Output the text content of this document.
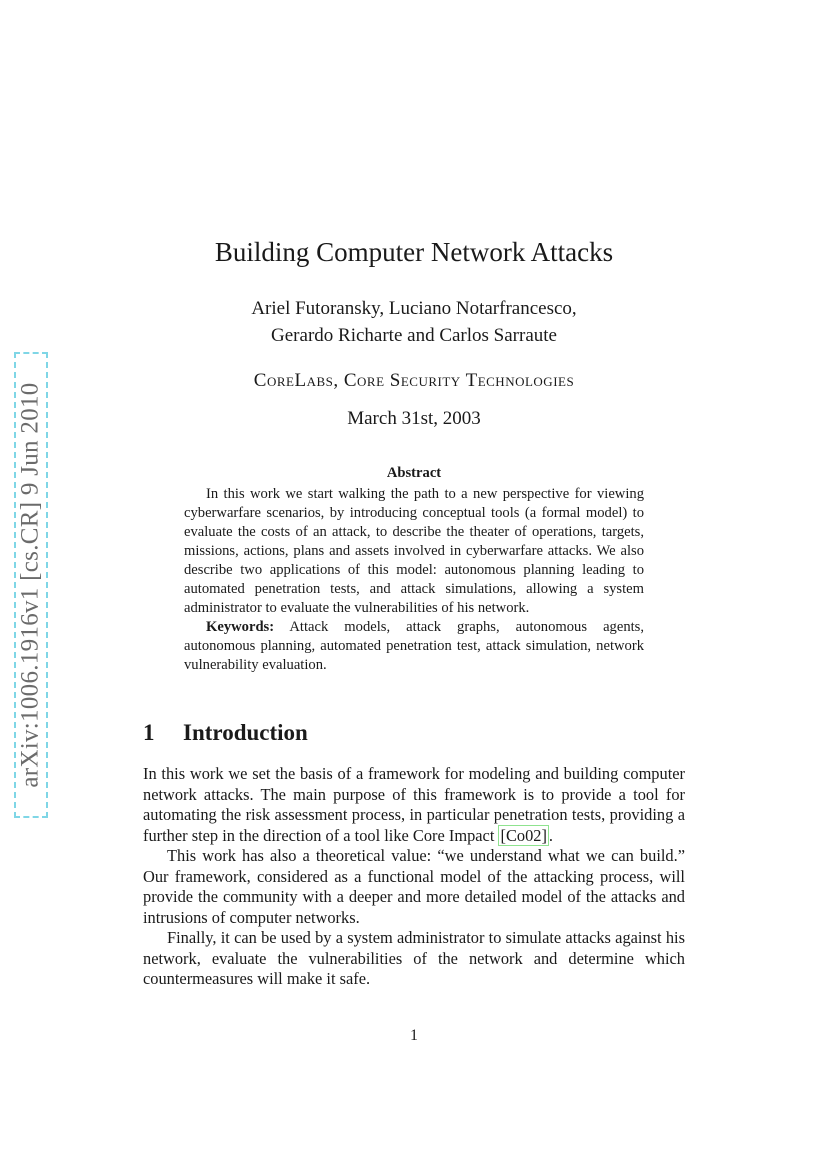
arXiv:1006.1916v1 [cs.CR] 9 Jun 2010
Building Computer Network Attacks
Ariel Futoransky, Luciano Notarfrancesco,
Gerardo Richarte and Carlos Sarraute
CoreLabs, Core Security Technologies
March 31st, 2003
Abstract

In this work we start walking the path to a new perspective for viewing cyberwarfare scenarios, by introducing conceptual tools (a formal model) to evaluate the costs of an attack, to describe the theater of operations, targets, missions, actions, plans and assets involved in cyberwarfare attacks. We also describe two applications of this model: autonomous planning leading to automated penetration tests, and attack simulations, allowing a system administrator to evaluate the vulnerabilities of his network.

Keywords: Attack models, attack graphs, autonomous agents, autonomous planning, automated penetration test, attack simulation, network vulnerability evaluation.

1 Introduction

In this work we set the basis of a framework for modeling and building computer network attacks. The main purpose of this framework is to provide a tool for automating the risk assessment process, in particular penetration tests, providing a further step in the direction of a tool like Core Impact [Co02] .

This work has also a theoretical value: “we understand what we can build.” Our framework, considered as a functional model of the attacking process, will provide the community with a deeper and more detailed model of the attacks and intrusions of computer networks.

Finally, it can be used by a system administrator to simulate attacks against his network, evaluate the vulnerabilities of the network and determine which countermeasures will make it safe.

1
